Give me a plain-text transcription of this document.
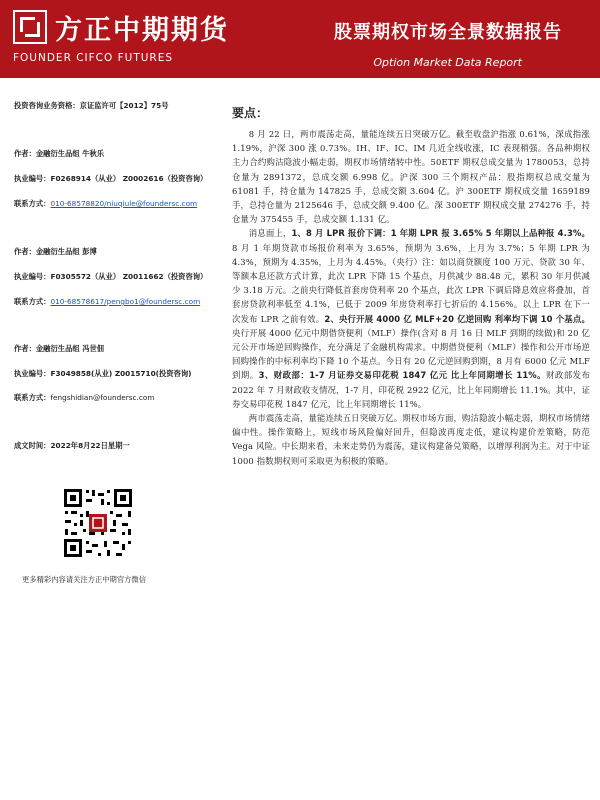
方正中期期货
FOUNDER CIFCO FUTURES
股票期权市场全景数据报告
Option Market Data Report
投资咨询业务资格：京证监许可【2012】75号
作者：金融衍生品组 牛秋乐
执业编号：F0268914（从业） Z0002616（投资咨询）
联系方式：010-68578820/niuqiule@foundersc.com
作者：金融衍生品组 彭博
执业编号：F0305572（从业） Z0011662（投资咨询）
联系方式：010-68578617/pengbo1@foundersc.com
作者：金融衍生品组 冯世佃
执业编号：F3049858(从业) Z0015710(投资咨询)
联系方式：fengshidian@foundersc.com
成文时间：2022年8月22日星期一
更多精彩内容请关注方正中期官方微信
要点：

8 月 22 日，两市震荡走高，量能连续五日突破万亿。截至收盘沪指涨 0.61%，深成指涨 1.19%，沪深 300 涨 0.73%。IH、IF、IC、IM 几近全线收涨，IC 表现稍强。各品种期权主力合约购沽隐波小幅走弱，期权市场情绪转中性。50ETF 期权总成交量为 1780053，总持仓量为 2891372，总成交额 6.998 亿。沪深 300 三个期权产品：股指期权总成交量为 61081 手，持仓量为 147825 手，总成交额 3.604 亿。沪 300ETF 期权成交量 1659189 手，总持仓量为 2125646 手，总成交额 9.400 亿。深 300ETF 期权成交量 274276 手，持仓量为 375455 手，总成交额 1.131 亿。

消息面上，1、8 月 LPR 报价下调：1 年期 LPR 报 3.65% 5 年期以上品种报 4.3%。8 月 1 年期贷款市场报价利率为 3.65%，预期为 3.6%，上月为 3.7%；5 年期 LPR 为 4.3%，预期为 4.35%，上月为 4.45%。（央行）注：如以商贷额度 100 万元、贷款 30 年、等额本息还款方式计算，此次 LPR 下降 15 个基点，月供减少 88.48 元，累积 30 年月供减少 3.18 万元。之前央行降低首套房贷利率 20 个基点，此次 LPR 下调后降息效应将叠加，首套房贷款利率低至 4.1%，已低于 2009 年房贷利率打七折后的 4.156%。以上 LPR 在下一次发布 LPR 之前有效。2、央行开展 4000 亿 MLF+20 亿逆回购 利率均下调 10 个基点。央行开展 4000 亿元中期借贷便利（MLF）操作(含对 8 月 16 日 MLF 到期的续做)和 20 亿元公开市场逆回购操作，充分满足了金融机构需求。中期借贷便利（MLF）操作和公开市场逆回购操作的中标利率均下降 10 个基点。今日有 20 亿元逆回购到期，8 月有 6000 亿元 MLF 到期。3、财政部：1-7 月证券交易印花税 1847 亿元 比上年同期增长 11%。财政部发布 2022 年 7 月财政收支情况，1-7 月，印花税 2922 亿元，比上年同期增长 11.1%。其中，证券交易印花税 1847 亿元，比上年同期增长 11%。

两市震荡走高，量能连续五日突破万亿。期权市场方面，购沽隐波小幅走弱，期权市场情绪偏中性。操作策略上，短线市场风险偏好回升，但隐波再度走低，建议构建价差策略，防范 Vega 风险。中长期来看，未来走势仍为震荡，建议构建备兑策略，以增厚利润为主。对于中证 1000 指数期权则可采取更为积极的策略。
